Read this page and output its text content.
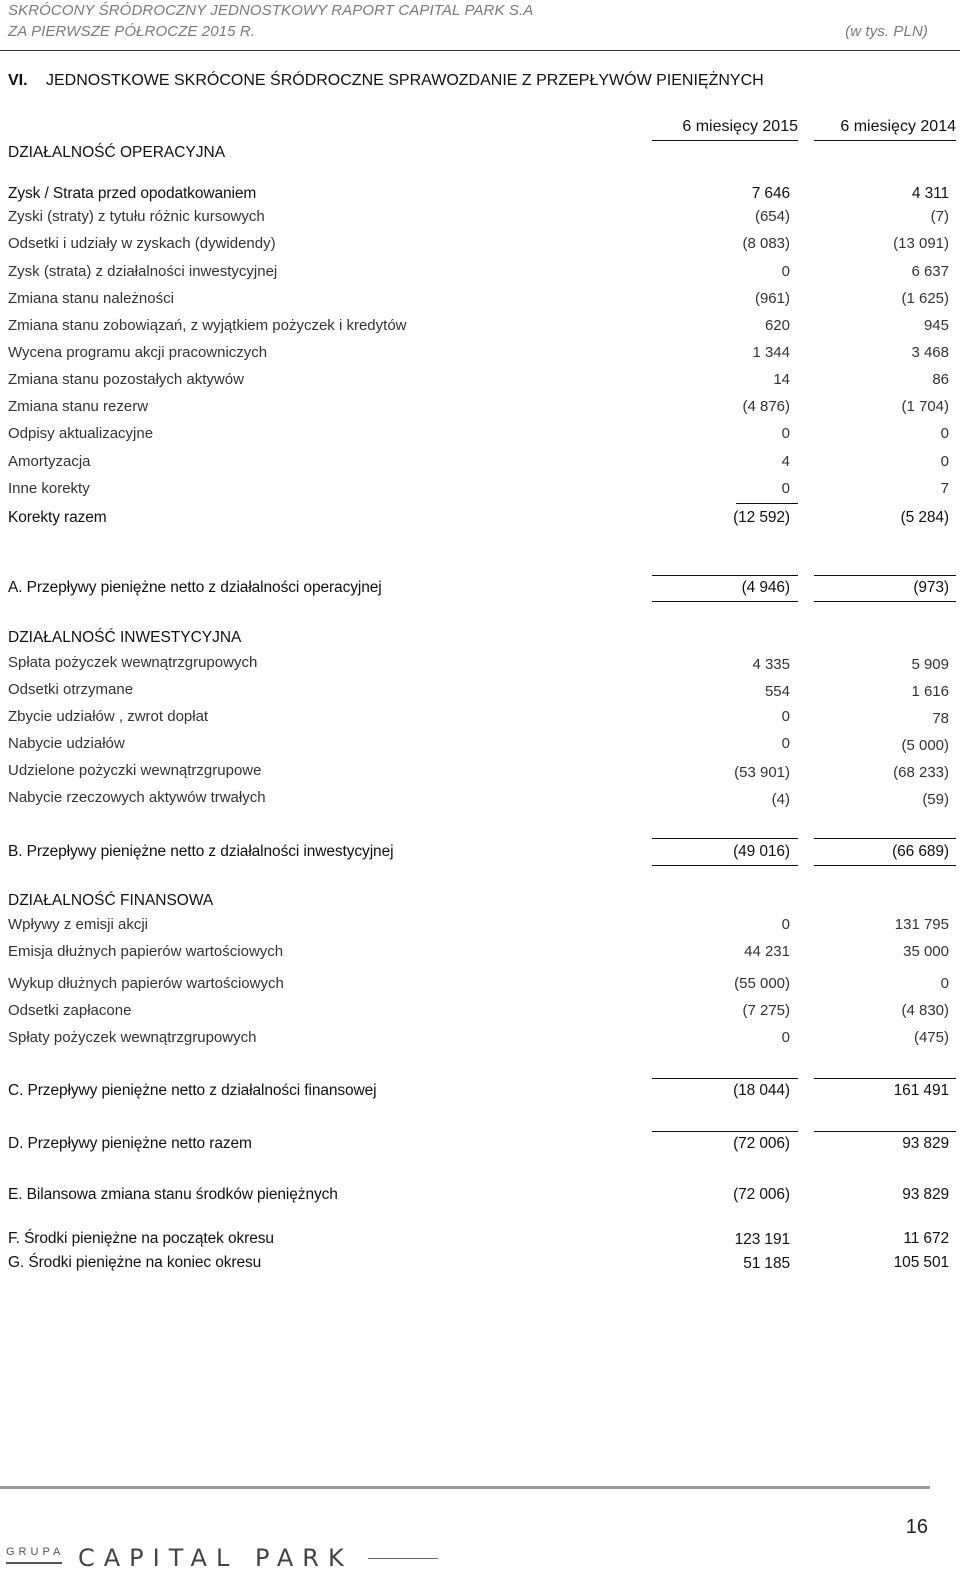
SKRÓCONY ŚRÓDROCZNY JEDNOSTKOWY RAPORT CAPITAL PARK S.A
ZA PIERWSZE PÓŁROCZE 2015 R.	(w tys. PLN)
VI. JEDNOSTKOWE SKRÓCONE ŚRÓDROCZNE SPRAWOZDANIE Z PRZEPŁYWÓW PIENIĘŻNYCH
6 miesięcy 2015	6 miesięcy 2014
DZIAŁALNOŚĆ OPERACYJNA
Zysk / Strata przed opodatkowaniem	7 646	4 311
Zyski (straty) z tytułu różnic kursowych	(654)	(7)
Odsetki i udziały w zyskach (dywidendy)	(8 083)	(13 091)
Zysk (strata) z działalności inwestycyjnej	0	6 637
Zmiana stanu należności	(961)	(1 625)
Zmiana stanu zobowiązań, z wyjątkiem pożyczek i kredytów	620	945
Wycena programu akcji pracowniczych	1 344	3 468
Zmiana stanu pozostałych aktywów	14	86
Zmiana stanu rezerw	(4 876)	(1 704)
Odpisy aktualizacyjne	0	0
Amortyzacja	4	0
Inne korekty	0	7
Korekty razem	(12 592)	(5 284)
A. Przepływy pieniężne netto z działalności operacyjnej	(4 946)	(973)
DZIAŁALNOŚĆ INWESTYCYJNA
Spłata pożyczek wewnątrzgrupowych	4 335	5 909
Odsetki otrzymane	554	1 616
Zbycie udziałów , zwrot dopłat	0	78
Nabycie udziałów	0	(5 000)
Udzielone pożyczki wewnątrzgrupowe	(53 901)	(68 233)
Nabycie rzeczowych aktywów trwałych	(4)	(59)
B. Przepływy pieniężne netto z działalności inwestycyjnej	(49 016)	(66 689)
DZIAŁALNOŚĆ FINANSOWA
Wpływy z emisji akcji	0	131 795
Emisja dłużnych papierów wartościowych	44 231	35 000
Wykup dłużnych papierów wartościowych	(55 000)	0
Odsetki zapłacone	(7 275)	(4 830)
Spłaty pożyczek wewnątrzgrupowych	0	(475)
C. Przepływy pieniężne netto z działalności finansowej	(18 044)	161 491
D. Przepływy pieniężne netto razem	(72 006)	93 829
E. Bilansowa zmiana stanu środków pieniężnych	(72 006)	93 829
F. Środki pieniężne na początek okresu	123 191	11 672
G. Środki pieniężne na koniec okresu	51 185	105 501
16
GRUPA CAPITAL PARK
